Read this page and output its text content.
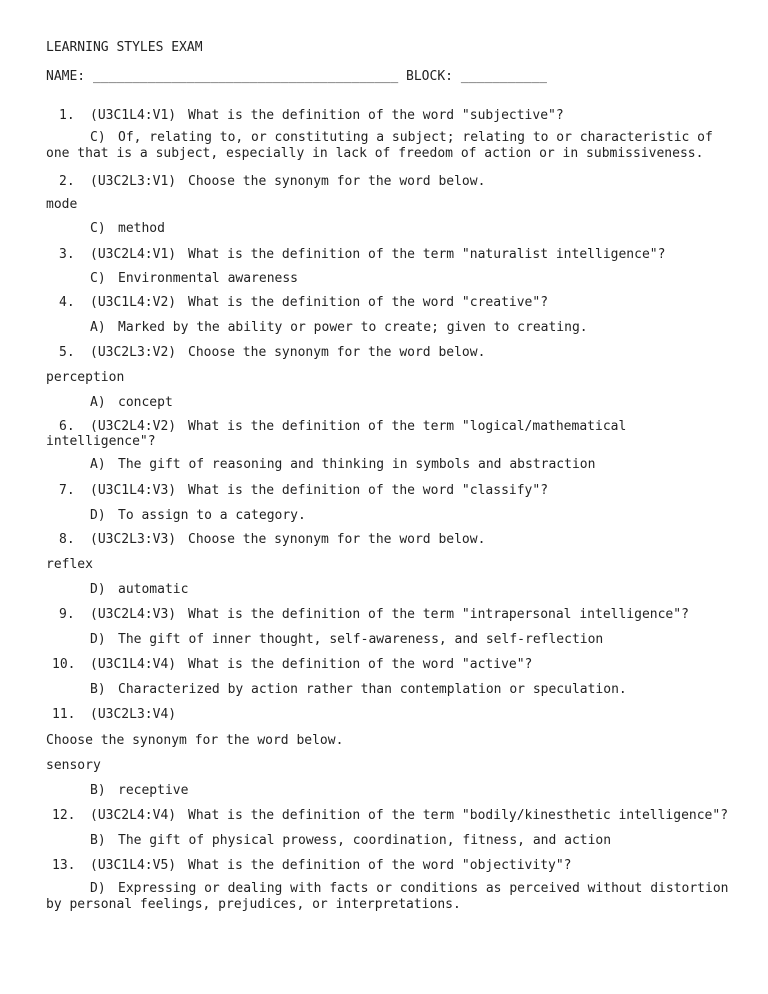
LEARNING STYLES EXAM
NAME: _______________________________________ BLOCK: ___________
1. (U3C1L4:V1) What is the definition of the word "subjective"?
C) Of, relating to, or constituting a subject; relating to or characteristic of
one that is a subject, especially in lack of freedom of action or in submissiveness.
2. (U3C2L3:V1) Choose the synonym for the word below.
mode
C) method
3. (U3C2L4:V1) What is the definition of the term "naturalist intelligence"?
C) Environmental awareness
4. (U3C1L4:V2) What is the definition of the word "creative"?
A) Marked by the ability or power to create; given to creating.
5. (U3C2L3:V2) Choose the synonym for the word below.
perception
A) concept
6. (U3C2L4:V2) What is the definition of the term "logical/mathematical
intelligence"?
A) The gift of reasoning and thinking in symbols and abstraction
7. (U3C1L4:V3) What is the definition of the word "classify"?
D) To assign to a category.
8. (U3C2L3:V3) Choose the synonym for the word below.
reflex
D) automatic
9. (U3C2L4:V3) What is the definition of the term "intrapersonal intelligence"?
D) The gift of inner thought, self-awareness, and self-reflection
10. (U3C1L4:V4) What is the definition of the word "active"?
B) Characterized by action rather than contemplation or speculation.
11. (U3C2L3:V4)
Choose the synonym for the word below.
sensory
B) receptive
12. (U3C2L4:V4) What is the definition of the term "bodily/kinesthetic intelligence"?
B) The gift of physical prowess, coordination, fitness, and action
13. (U3C1L4:V5) What is the definition of the word "objectivity"?
D) Expressing or dealing with facts or conditions as perceived without distortion
by personal feelings, prejudices, or interpretations.
